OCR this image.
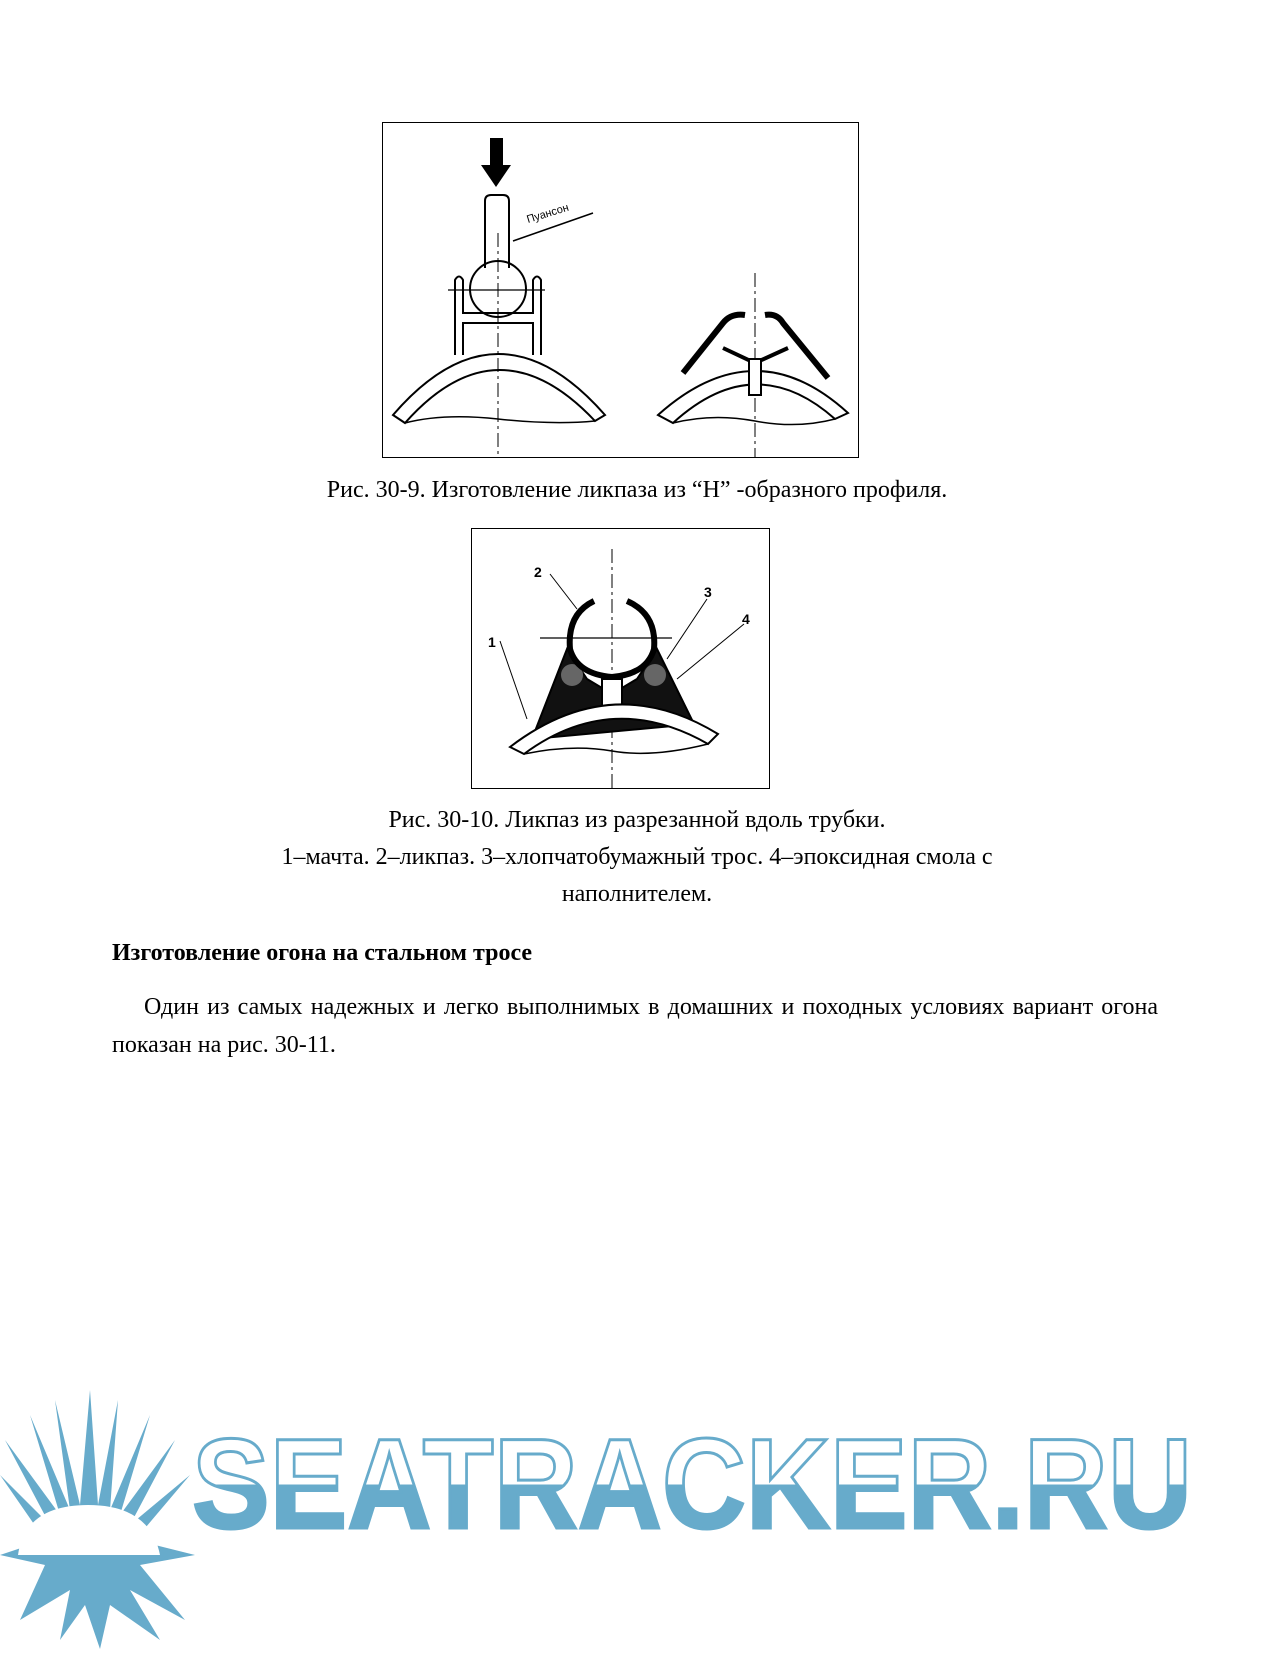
Пуансон
Рис. 30-9. Изготовление ликпаза из “H” -образного профиля.
1
2
3
4
Рис. 30-10. Ликпаз из разрезанной вдоль трубки.
1–мачта. 2–ликпаз. 3–хлопчатобумажный трос. 4–эпоксидная смола с
наполнителем.
Изготовление огона на стальном тросе
Один из самых надежных и легко выполнимых в домашних и походных условиях вариант огона показан на рис. 30-11.
SEATRACKER.RU
